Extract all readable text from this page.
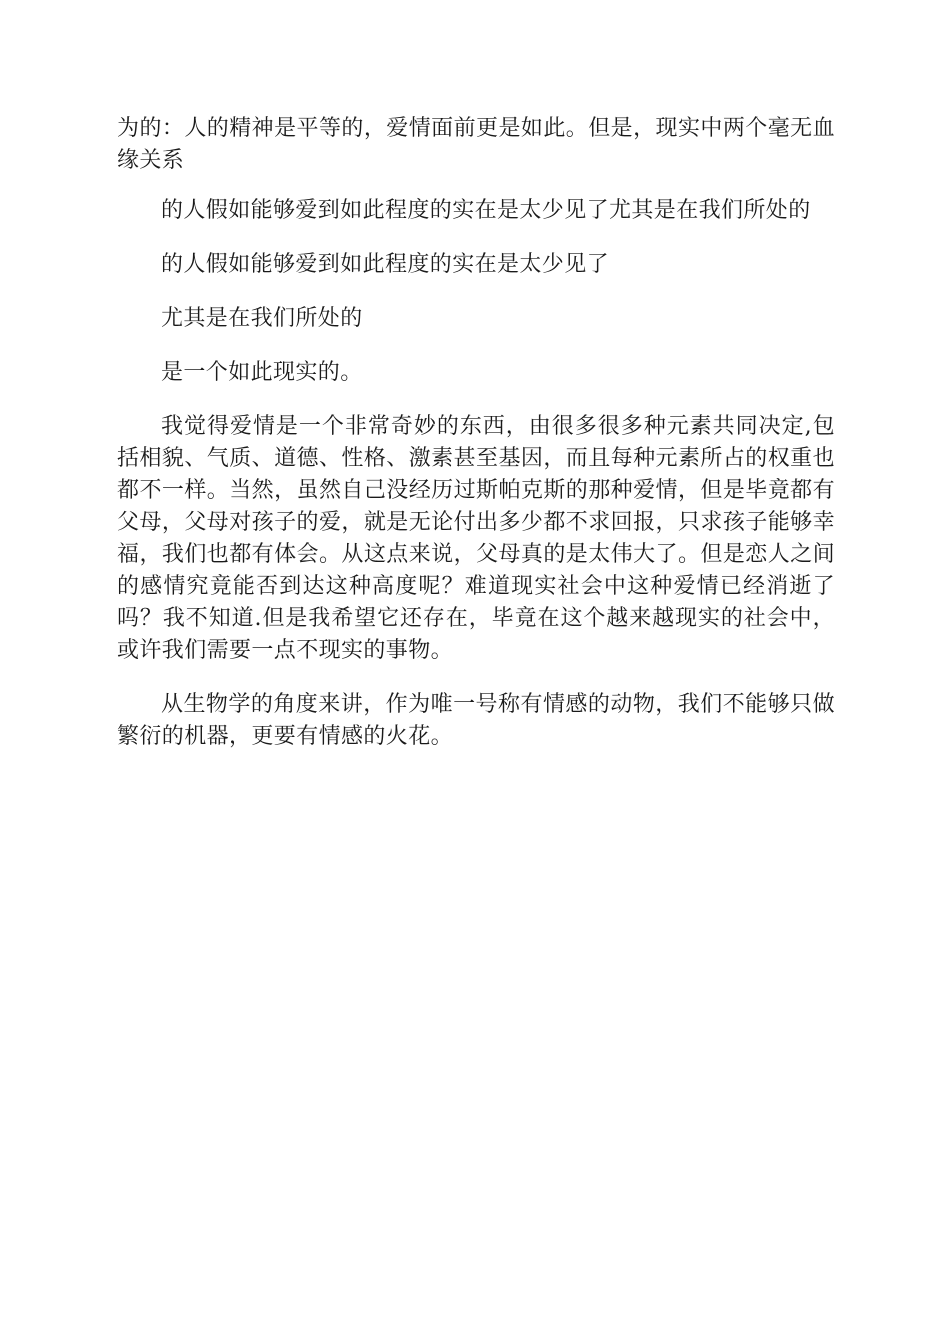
为的：人的精神是平等的，爱情面前更是如此。但是，现实中两个毫无血缘关系

的人假如能够爱到如此程度的实在是太少见了尤其是在我们所处的

的人假如能够爱到如此程度的实在是太少见了

尤其是在我们所处的

是一个如此现实的。

我觉得爱情是一个非常奇妙的东西，由很多很多种元素共同决定,包括相貌、气质、道德、性格、激素甚至基因，而且每种元素所占的权重也都不一样。当然，虽然自己没经历过斯帕克斯的那种爱情，但是毕竟都有父母，父母对孩子的爱，就是无论付出多少都不求回报，只求孩子能够幸福，我们也都有体会。从这点来说，父母真的是太伟大了。但是恋人之间的感情究竟能否到达这种高度呢？难道现实社会中这种爱情已经消逝了吗？我不知道.但是我希望它还存在，毕竟在这个越来越现实的社会中，或许我们需要一点不现实的事物。

从生物学的角度来讲，作为唯一号称有情感的动物，我们不能够只做繁衍的机器，更要有情感的火花。
